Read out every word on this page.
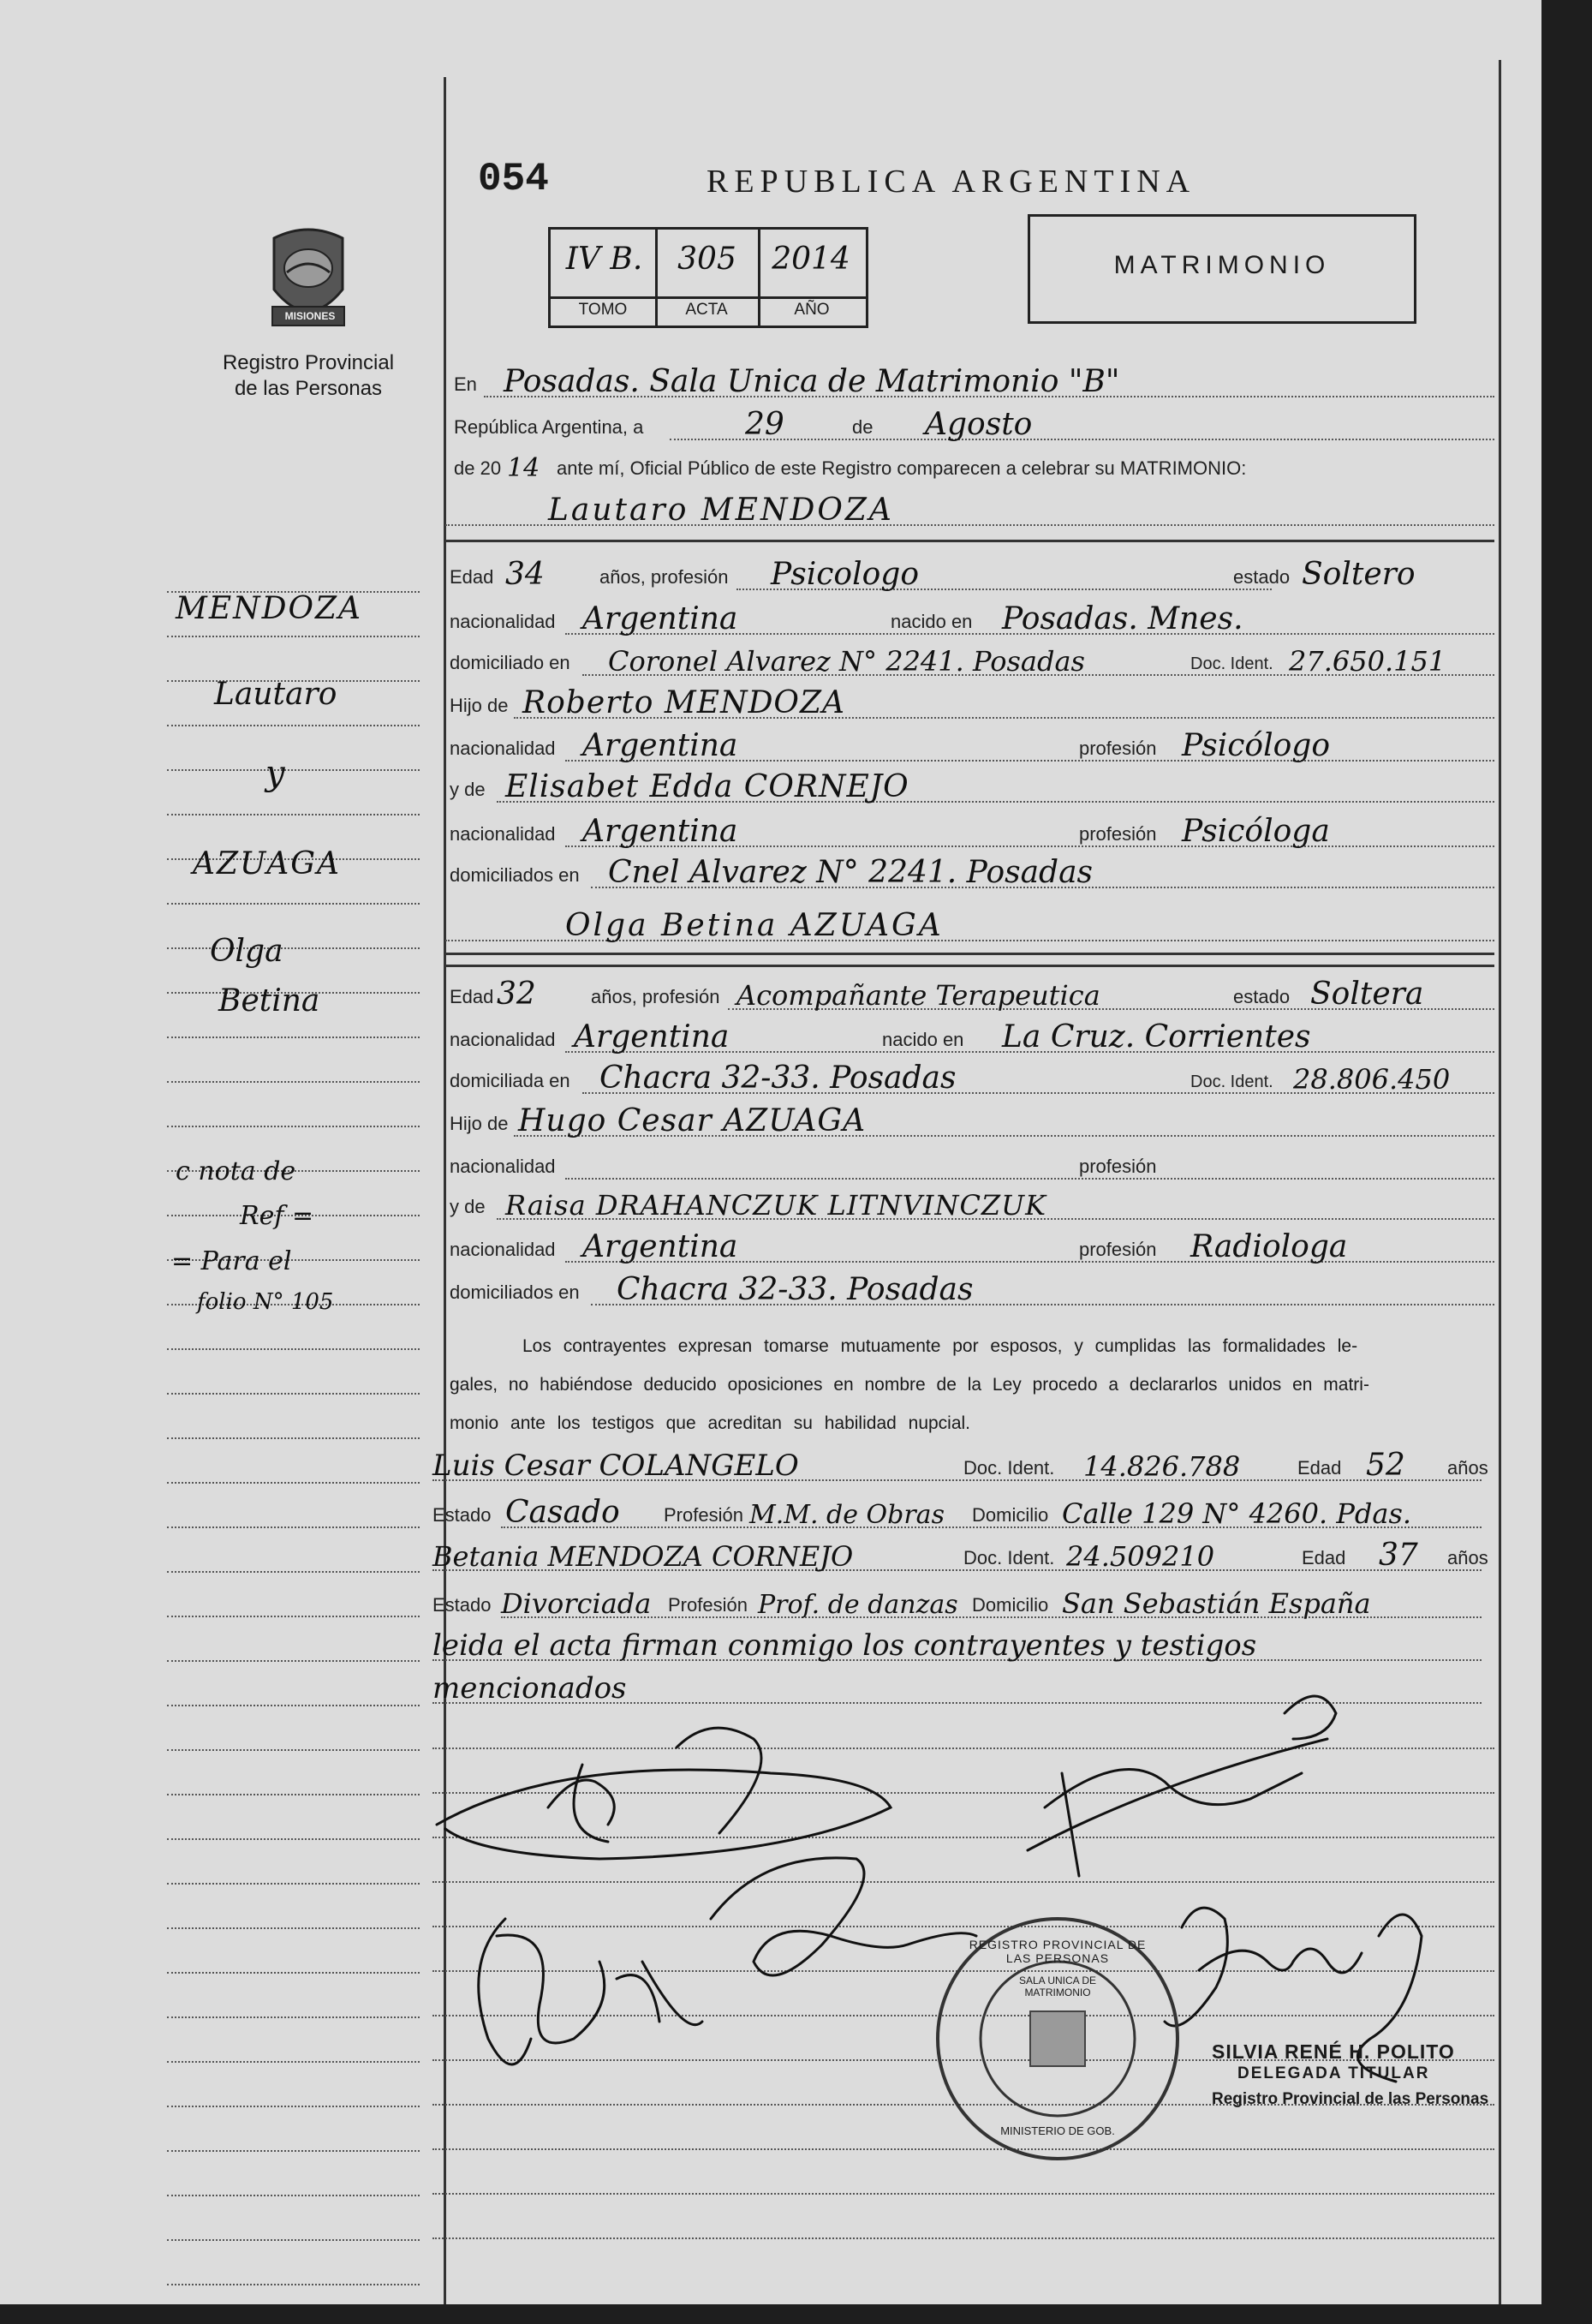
054	REPUBLICA ARGENTINA
IV B.	305	2014
TOMO	ACTA	AÑO
MATRIMONIO
MISIONES
Registro Provincial
de las Personas
MENDOZA
Lautaro
y
AZUAGA
Olga
Betina
c nota de
Ref =
= Para el
folio N° 105
En Posadas. Sala Unica de Matrimonio "B"
República Argentina, a	29	de Agosto
de 20 14 ante mí, Oficial Público de este Registro comparecen a celebrar su MATRIMONIO:
Lautaro MENDOZA
Edad 34	años, profesión Psicologo	estado Soltero
nacionalidad Argentina	nacido en Posadas. Mnes.
domiciliado en Coronel Alvarez N° 2241. Posadas	Doc. Ident. 27.650.151
Hijo de Roberto MENDOZA
nacionalidad Argentina	profesión Psicólogo
y de Elisabet Edda CORNEJO
nacionalidad Argentina	profesión Psicóloga
domiciliados en Cnel Alvarez N° 2241. Posadas
Olga Betina AZUAGA
Edad 32	años, profesión Acompañante Terapeutica	estado Soltera
nacionalidad Argentina	nacido en La Cruz. Corrientes
domiciliada en Chacra 32-33. Posadas	Doc. Ident. 28.806.450
Hijo de Hugo Cesar AZUAGA
nacionalidad	profesión
y de Raisa DRAHANCZUK LITNVINCZUK
nacionalidad Argentina	profesión Radiologa
domiciliados en Chacra 32-33. Posadas
Los contrayentes expresan tomarse mutuamente por esposos, y cumplidas las formalidades le-
gales, no habiéndose deducido oposiciones en nombre de la Ley procedo a declararlos unidos en matri-
monio ante los testigos que acreditan su habilidad nupcial.
Luis Cesar COLANGELO	Doc. Ident. 14.826.788	Edad 52 años
Estado Casado Profesión M.M. de Obras Domicilio Calle 129 N° 4260. Pdas.
Betania MENDOZA CORNEJO	Doc. Ident. 24.509210	Edad 37 años
Estado Divorciada Profesión Prof. de danzas Domicilio San Sebastián España
leida el acta firman conmigo los contrayentes y testigos
mencionados
REGISTRO PROVINCIAL DE LAS PERSONAS
SALA UNICA DE MATRIMONIO
MINISTERIO DE GOB.
SILVIA RENÉ H. POLITO
DELEGADA TITULAR
Registro Provincial de las Personas
